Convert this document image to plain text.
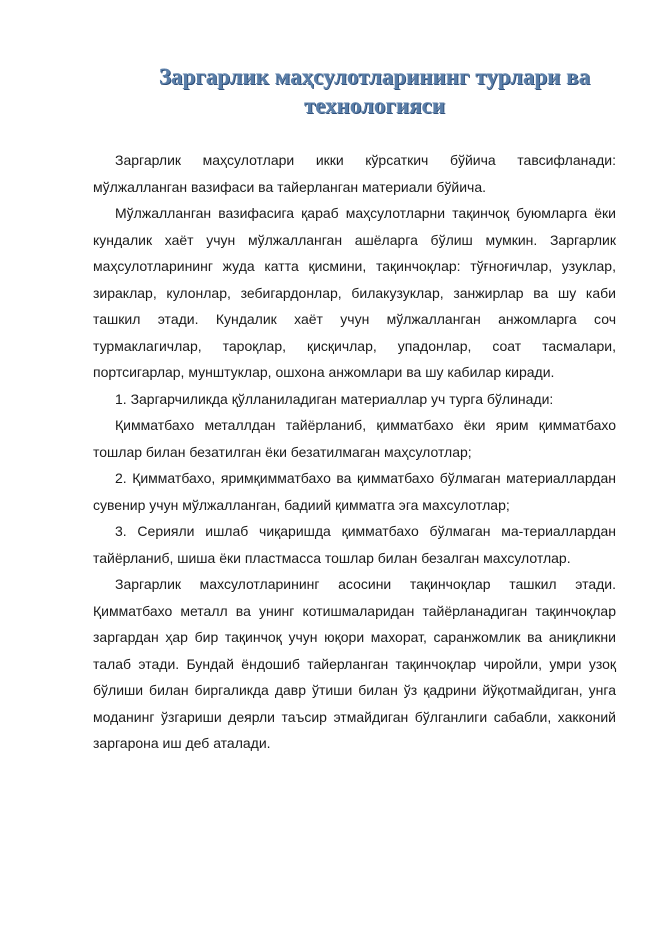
Заргарлик маҳсулотларининг турлари ва технологияси

Заргарлик маҳсулотлари икки кўрсаткич бўйича тавсифланади: мўлжалланган вазифаси ва тайерланган материали бўйича.

Мўлжалланган вазифасига қараб маҳсулотларни тақинчоқ буюмларга ёки кундалик хаёт учун мўлжалланган ашёларга бўлиш мумкин. Заргарлик маҳсулотларининг жуда катта қисмини, тақинчоқлар: тўғноғичлар, узуклар, зираклар, кулонлар, зебигардонлар, билакузуклар, занжирлар ва шу каби ташкил этади. Кундалик хаёт учун мўлжалланган анжомларга соч турмаклагичлар, тароқлар, қисқичлар, упадонлар, соат тасмалари, портсигарлар, мунштуклар, ошхона анжомлари ва шу кабилар киради.

1. Заргарчиликда қўлланиладиган материаллар уч турга бўлинади:

Қимматбахо металлдан тайёрланиб, қимматбахо ёки ярим қимматбахо тошлар билан безатилган ёки безатилмаган маҳсулотлар;

2. Қимматбахо, яримқимматбахо ва қимматбахо бўлмаган материаллардан сувенир учун мўлжалланган, бадиий қимматга эга махсулотлар;

3. Серияли ишлаб чиқаришда қимматбахо бўлмаган ма-териаллардан тайёрланиб, шиша ёки пластмасса тошлар билан безалган махсулотлар.

Заргарлик махсулотларининг асосини тақинчоқлар ташкил этади. Қимматбахо металл ва унинг котишмаларидан тайёрланадиган тақинчоқлар заргардан ҳар бир тақинчоқ учун юқори махорат, саранжомлик ва аниқликни талаб этади. Бундай ёндошиб тайерланган тақинчоқлар чиройли, умри узоқ бўлиши билан биргаликда давр ўтиши билан ўз қадрини йўқотмайдиган, унга моданинг ўзгариши деярли таъсир этмайдиган бўлганлиги сабабли, хакконий заргарона иш деб аталади.
